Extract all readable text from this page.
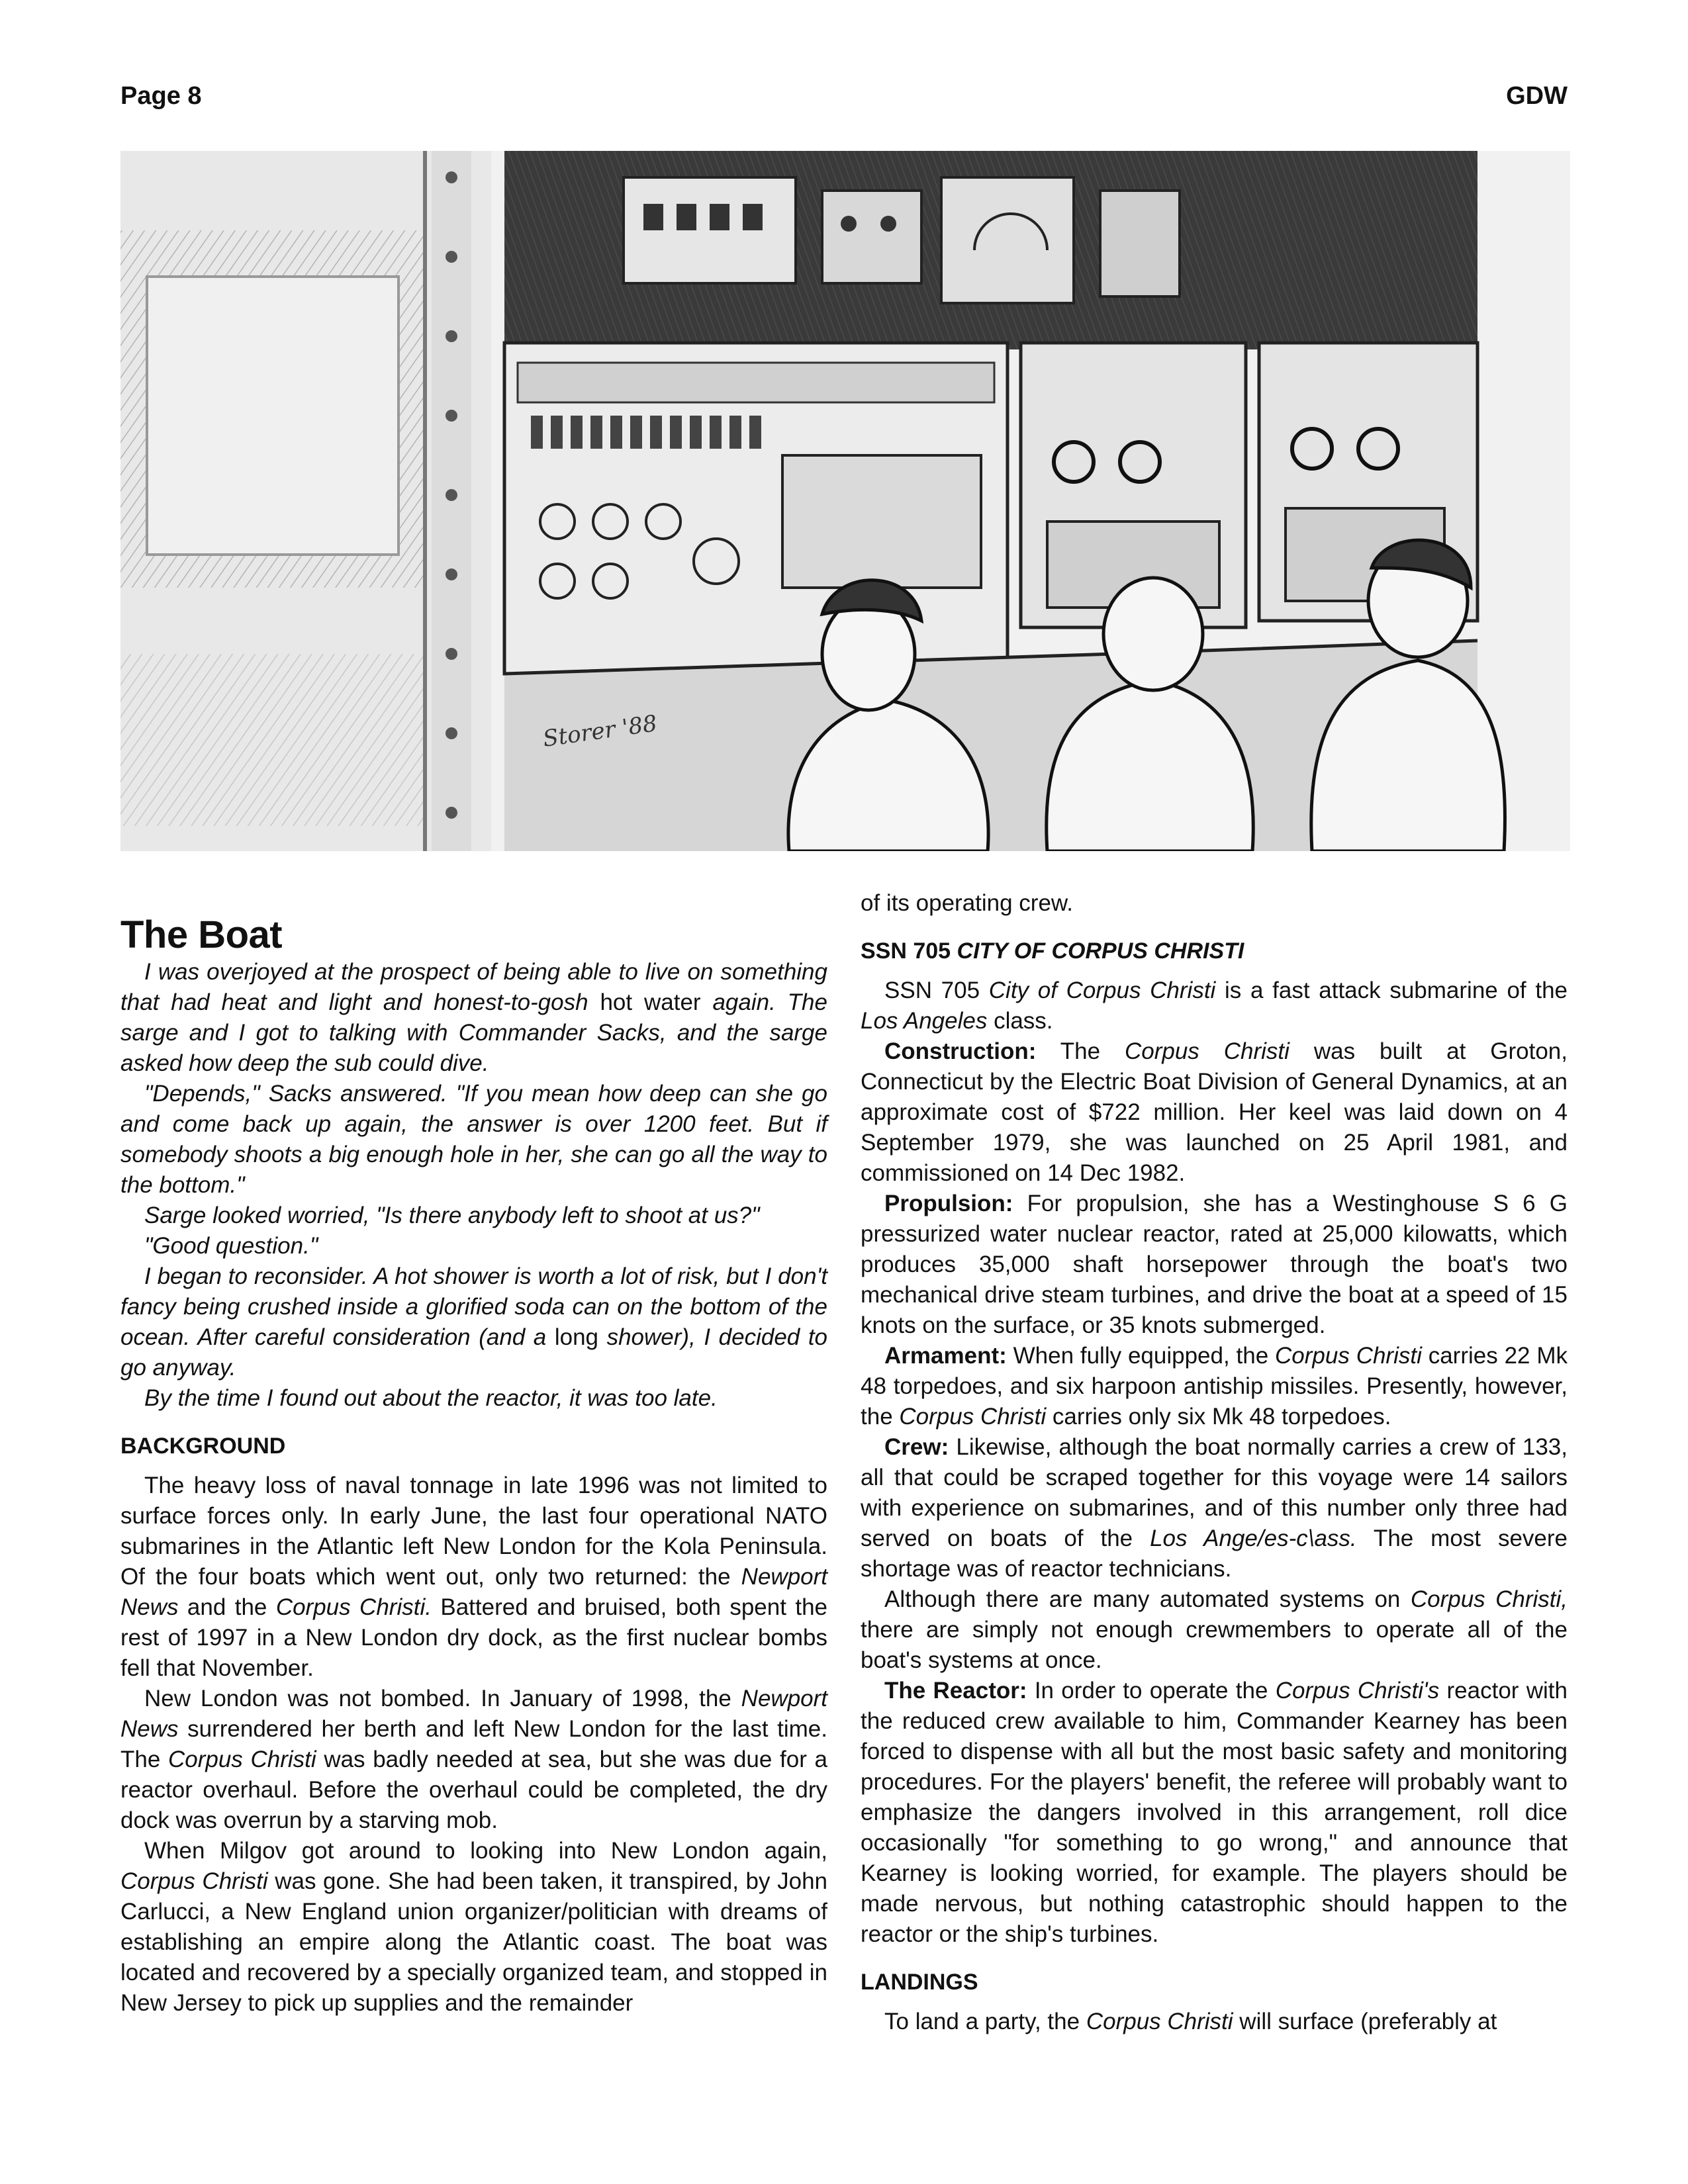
Page 8	GDW
Storer '88
The Boat

I was overjoyed at the prospect of being able to live on something that had heat and light and honest-to-gosh hot water again. The sarge and I got to talking with Commander Sacks, and the sarge asked how deep the sub could dive.

"Depends," Sacks answered. "If you mean how deep can she go and come back up again, the answer is over 1200 feet. But if somebody shoots a big enough hole in her, she can go all the way to the bottom."

Sarge looked worried, "Is there anybody left to shoot at us?"

"Good question."

I began to reconsider. A hot shower is worth a lot of risk, but I don't fancy being crushed inside a glorified soda can on the bottom of the ocean. After careful consideration (and a long shower), I decided to go anyway.

By the time I found out about the reactor, it was too late.

BACKGROUND

The heavy loss of naval tonnage in late 1996 was not limited to surface forces only. In early June, the last four operational NATO submarines in the Atlantic left New London for the Kola Peninsula. Of the four boats which went out, only two returned: the Newport News and the Corpus Christi. Battered and bruised, both spent the rest of 1997 in a New London dry dock, as the first nuclear bombs fell that November.

New London was not bombed. In January of 1998, the Newport News surrendered her berth and left New London for the last time. The Corpus Christi was badly needed at sea, but she was due for a reactor overhaul. Before the overhaul could be completed, the dry dock was overrun by a starving mob.

When Milgov got around to looking into New London again, Corpus Christi was gone. She had been taken, it transpired, by John Carlucci, a New England union organizer/politician with dreams of establishing an empire along the Atlantic coast. The boat was located and recovered by a specially organized team, and stopped in New Jersey to pick up supplies and the remainder

of its operating crew.

SSN 705 CITY OF CORPUS CHRISTI

SSN 705 City of Corpus Christi is a fast attack submarine of the Los Angeles class.

Construction: The Corpus Christi was built at Groton, Connecticut by the Electric Boat Division of General Dynamics, at an approximate cost of $722 million. Her keel was laid down on 4 September 1979, she was launched on 25 April 1981, and commissioned on 14 Dec 1982.

Propulsion: For propulsion, she has a Westinghouse S 6 G pressurized water nuclear reactor, rated at 25,000 kilowatts, which produces 35,000 shaft horsepower through the boat's two mechanical drive steam turbines, and drive the boat at a speed of 15 knots on the surface, or 35 knots submerged.

Armament: When fully equipped, the Corpus Christi carries 22 Mk 48 torpedoes, and six harpoon antiship missiles. Presently, however, the Corpus Christi carries only six Mk 48 torpedoes.

Crew: Likewise, although the boat normally carries a crew of 133, all that could be scraped together for this voyage were 14 sailors with experience on submarines, and of this number only three had served on boats of the Los Ange/es-c\ass. The most severe shortage was of reactor technicians.

Although there are many automated systems on Corpus Christi, there are simply not enough crewmembers to operate all of the boat's systems at once.

The Reactor: In order to operate the Corpus Christi's reactor with the reduced crew available to him, Commander Kearney has been forced to dispense with all but the most basic safety and monitoring procedures. For the players' benefit, the referee will probably want to emphasize the dangers involved in this arrangement, roll dice occasionally "for something to go wrong," and announce that Kearney is looking worried, for example. The players should be made nervous, but nothing catastrophic should happen to the reactor or the ship's turbines.

LANDINGS

To land a party, the Corpus Christi will surface (preferably at
